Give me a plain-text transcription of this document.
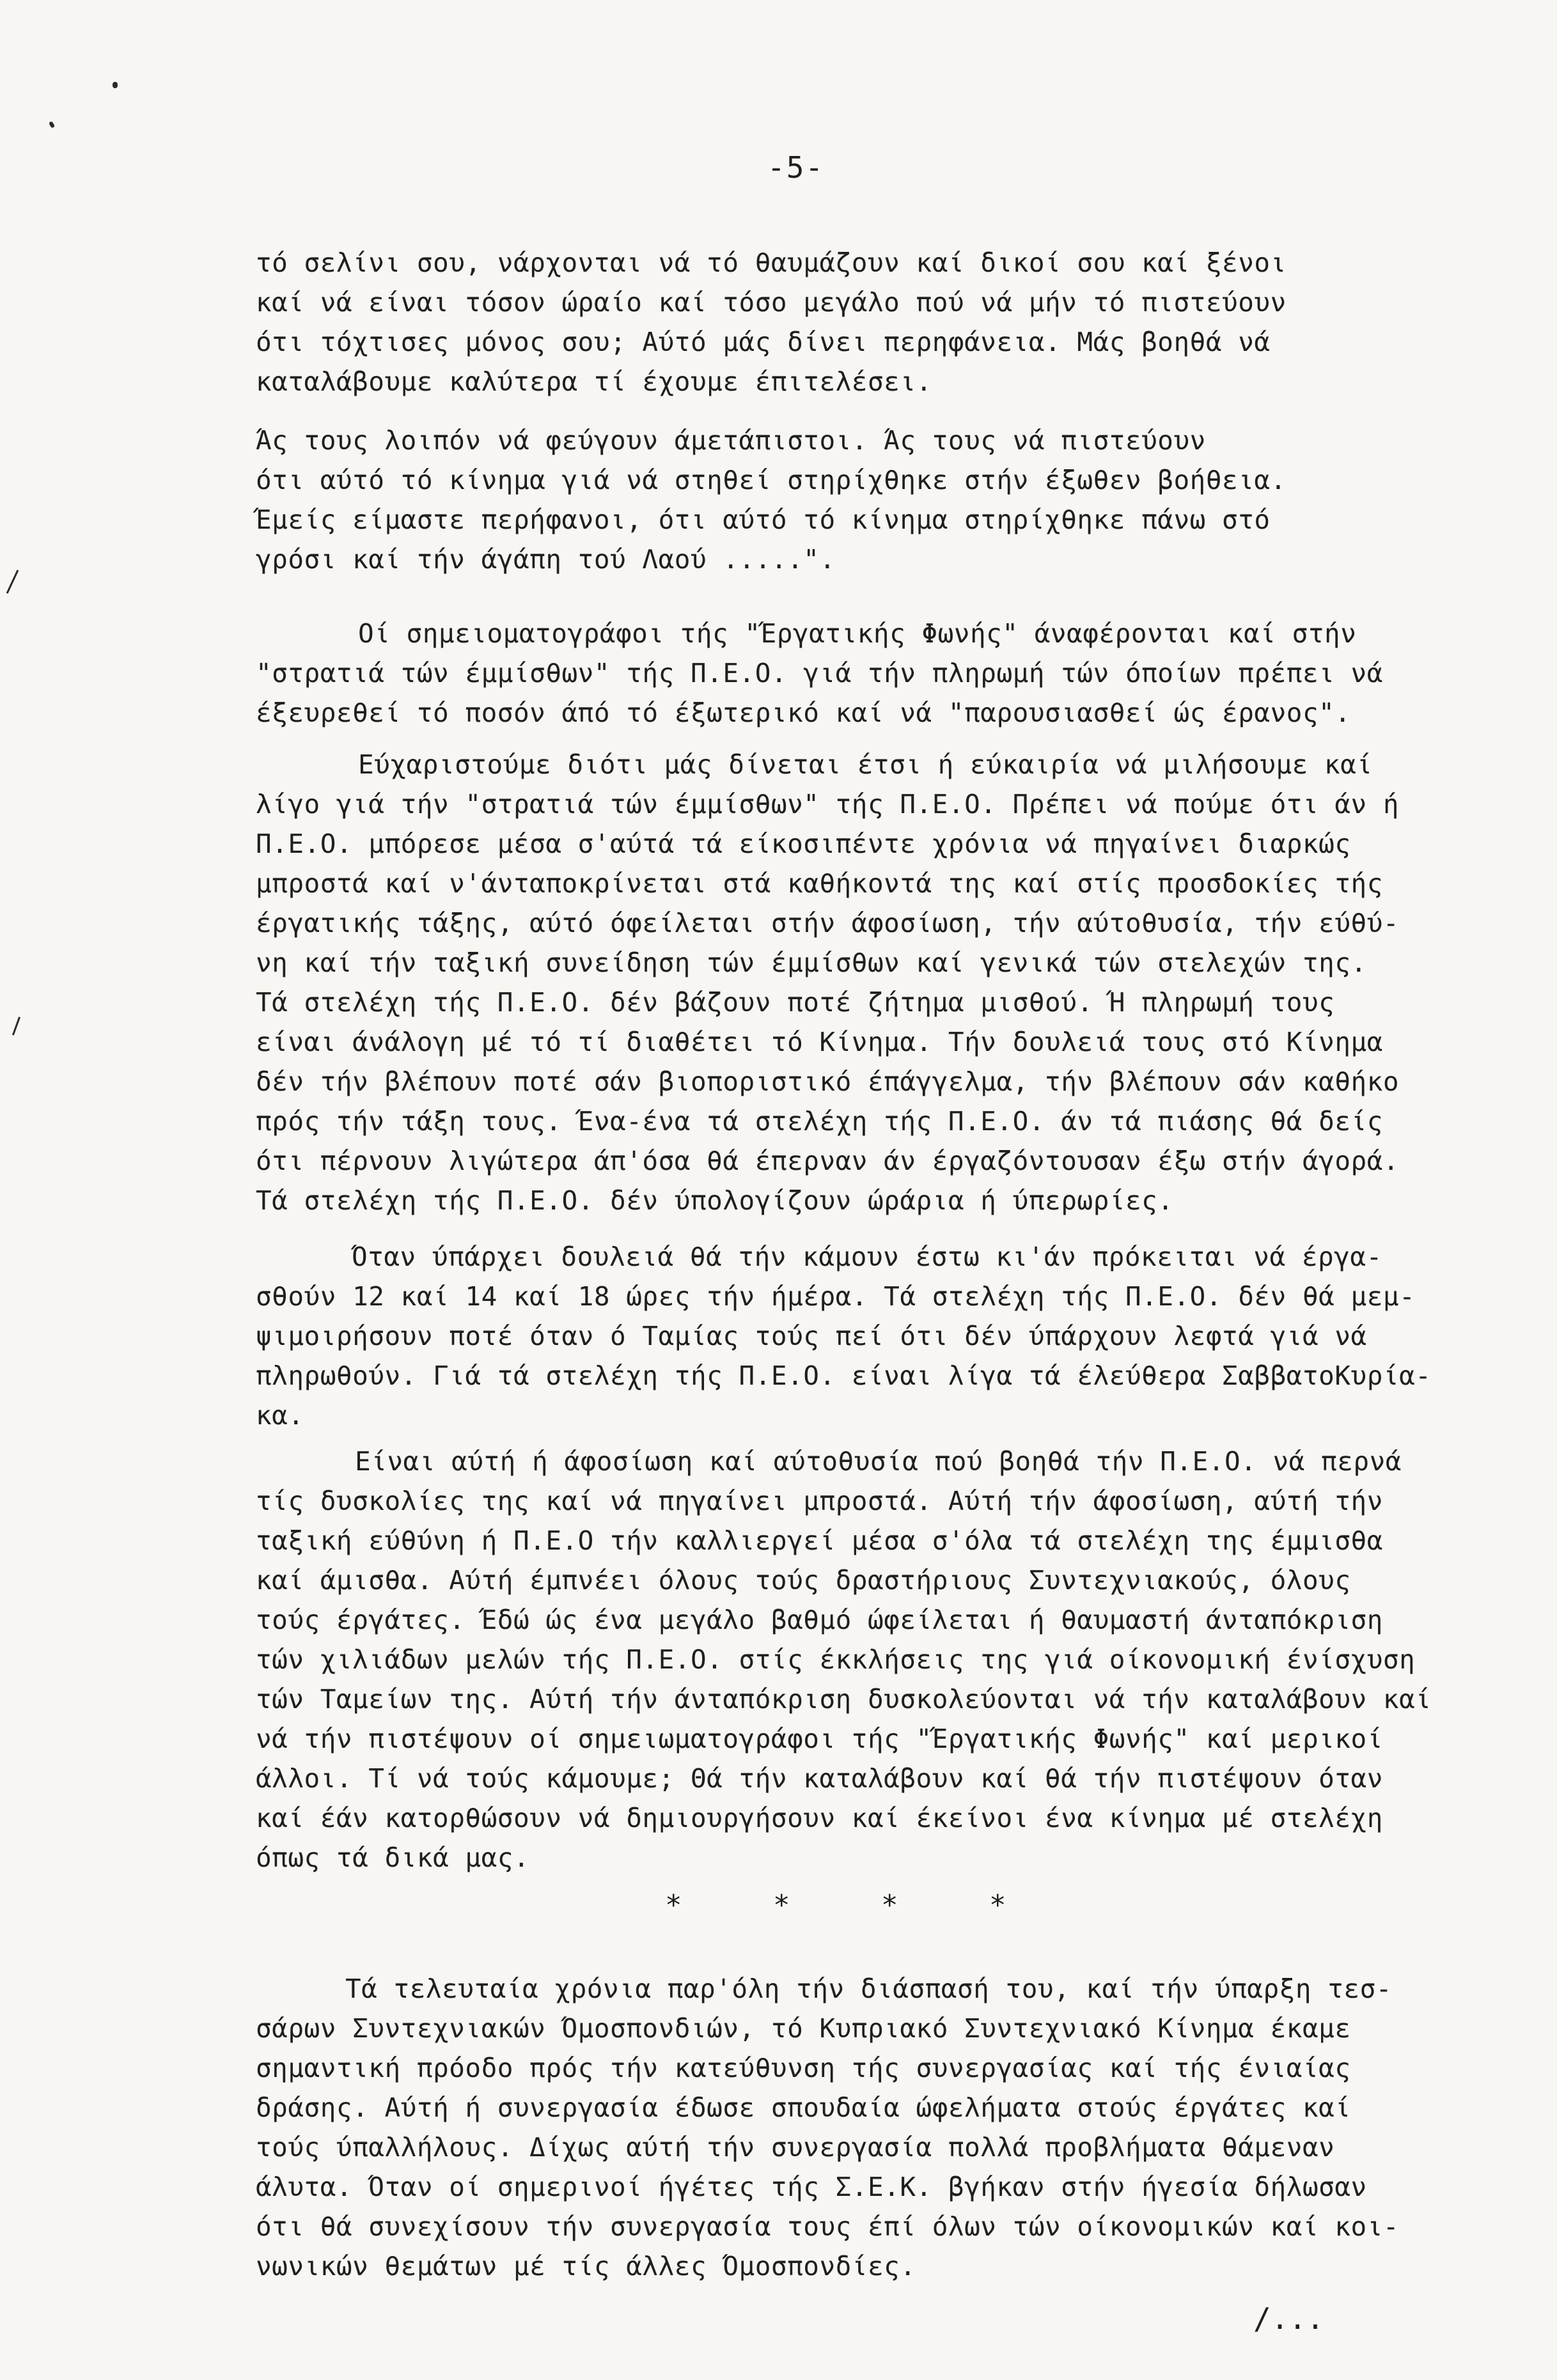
-5-
τό σελίνι σου, νάρχονται νά τό θαυμάζουν καί δικοί σου καί ξένοι
καί νά είναι τόσον ώραίο καί τόσο μεγάλο πού νά μήν τό πιστεύουν
ότι τόχτισες μόνος σου; Αύτό μάς δίνει περηφάνεια. Μάς βοηθά νά
καταλάβουμε καλύτερα τί έχουμε έπιτελέσει.
Άς τους λοιπόν νά φεύγουν άμετάπιστοι. Άς τους νά πιστεύουν
ότι αύτό τό κίνημα γιά νά στηθεί στηρίχθηκε στήν έξωθεν βοήθεια.
Έμείς είμαστε περήφανοι, ότι αύτό τό κίνημα στηρίχθηκε πάνω στό
γρόσι καί τήν άγάπη τού Λαού .....".
Οί σημειοματογράφοι τής "Έργατικής Φωνής" άναφέρονται καί στήν
"στρατιά τών έμμίσθων" τής Π.Ε.Ο. γιά τήν πληρωμή τών όποίων πρέπει νά
έξευρεθεί τό ποσόν άπό τό έξωτερικό καί νά "παρουσιασθεί ώς έρανος".
Εύχαριστούμε διότι μάς δίνεται έτσι ή εύκαιρία νά μιλήσουμε καί
λίγο γιά τήν "στρατιά τών έμμίσθων" τής Π.Ε.Ο. Πρέπει νά πούμε ότι άν ή
Π.Ε.Ο. μπόρεσε μέσα σ'αύτά τά είκοσιπέντε χρόνια νά πηγαίνει διαρκώς
μπροστά καί ν'άνταποκρίνεται στά καθήκοντά της καί στίς προσδοκίες τής
έργατικής τάξης, αύτό όφείλεται στήν άφοσίωση, τήν αύτοθυσία, τήν εύθύ-
νη καί τήν ταξική συνείδηση τών έμμίσθων καί γενικά τών στελεχών της.
Τά στελέχη τής Π.Ε.Ο. δέν βάζουν ποτέ ζήτημα μισθού. Ή πληρωμή τους
είναι άνάλογη μέ τό τί διαθέτει τό Κίνημα. Τήν δουλειά τους στό Κίνημα
δέν τήν βλέπουν ποτέ σάν βιοποριστικό έπάγγελμα, τήν βλέπουν σάν καθήκο
πρός τήν τάξη τους. Ένα-ένα τά στελέχη τής Π.Ε.Ο. άν τά πιάσης θά δείς
ότι πέρνουν λιγώτερα άπ'όσα θά έπερναν άν έργαζόντουσαν έξω στήν άγορά.
Τά στελέχη τής Π.Ε.Ο. δέν ύπολογίζουν ώράρια ή ύπερωρίες.
Όταν ύπάρχει δουλειά θά τήν κάμουν έστω κι'άν πρόκειται νά έργα-
σθούν 12 καί 14 καί 18 ώρες τήν ήμέρα. Τά στελέχη τής Π.Ε.Ο. δέν θά μεμ-
ψιμοιρήσουν ποτέ όταν ό Ταμίας τούς πεί ότι δέν ύπάρχουν λεφτά γιά νά
πληρωθούν. Γιά τά στελέχη τής Π.Ε.Ο. είναι λίγα τά έλεύθερα ΣαββατοΚυρία-
κα.
Είναι αύτή ή άφοσίωση καί αύτοθυσία πού βοηθά τήν Π.Ε.Ο. νά περνά
τίς δυσκολίες της καί νά πηγαίνει μπροστά. Αύτή τήν άφοσίωση, αύτή τήν
ταξική εύθύνη ή Π.Ε.Ο τήν καλλιεργεί μέσα σ'όλα τά στελέχη της έμμισθα
καί άμισθα. Αύτή έμπνέει όλους τούς δραστήριους Συντεχνιακούς, όλους
τούς έργάτες. Έδώ ώς ένα μεγάλο βαθμό ώφείλεται ή θαυμαστή άνταπόκριση
τών χιλιάδων μελών τής Π.Ε.Ο. στίς έκκλήσεις της γιά οίκονομική ένίσχυση
τών Ταμείων της. Αύτή τήν άνταπόκριση δυσκολεύονται νά τήν καταλάβουν καί
νά τήν πιστέψουν οί σημειωματογράφοι τής "Έργατικής Φωνής" καί μερικοί
άλλοι. Τί νά τούς κάμουμε; Θά τήν καταλάβουν καί θά τήν πιστέψουν όταν
καί έάν κατορθώσουν νά δημιουργήσουν καί έκείνοι ένα κίνημα μέ στελέχη
όπως τά δικά μας.
* * * *
Τά τελευταία χρόνια παρ'όλη τήν διάσπασή του, καί τήν ύπαρξη τεσ-
σάρων Συντεχνιακών Όμοσπονδιών, τό Κυπριακό Συντεχνιακό Κίνημα έκαμε
σημαντική πρόοδο πρός τήν κατεύθυνση τής συνεργασίας καί τής ένιαίας
δράσης. Αύτή ή συνεργασία έδωσε σπουδαία ώφελήματα στούς έργάτες καί
τούς ύπαλλήλους. Δίχως αύτή τήν συνεργασία πολλά προβλήματα θάμεναν
άλυτα. Όταν οί σημερινοί ήγέτες τής Σ.Ε.Κ. βγήκαν στήν ήγεσία δήλωσαν
ότι θά συνεχίσουν τήν συνεργασία τους έπί όλων τών οίκονομικών καί κοι-
νωνικών θεμάτων μέ τίς άλλες Όμοσπονδίες.
/...
